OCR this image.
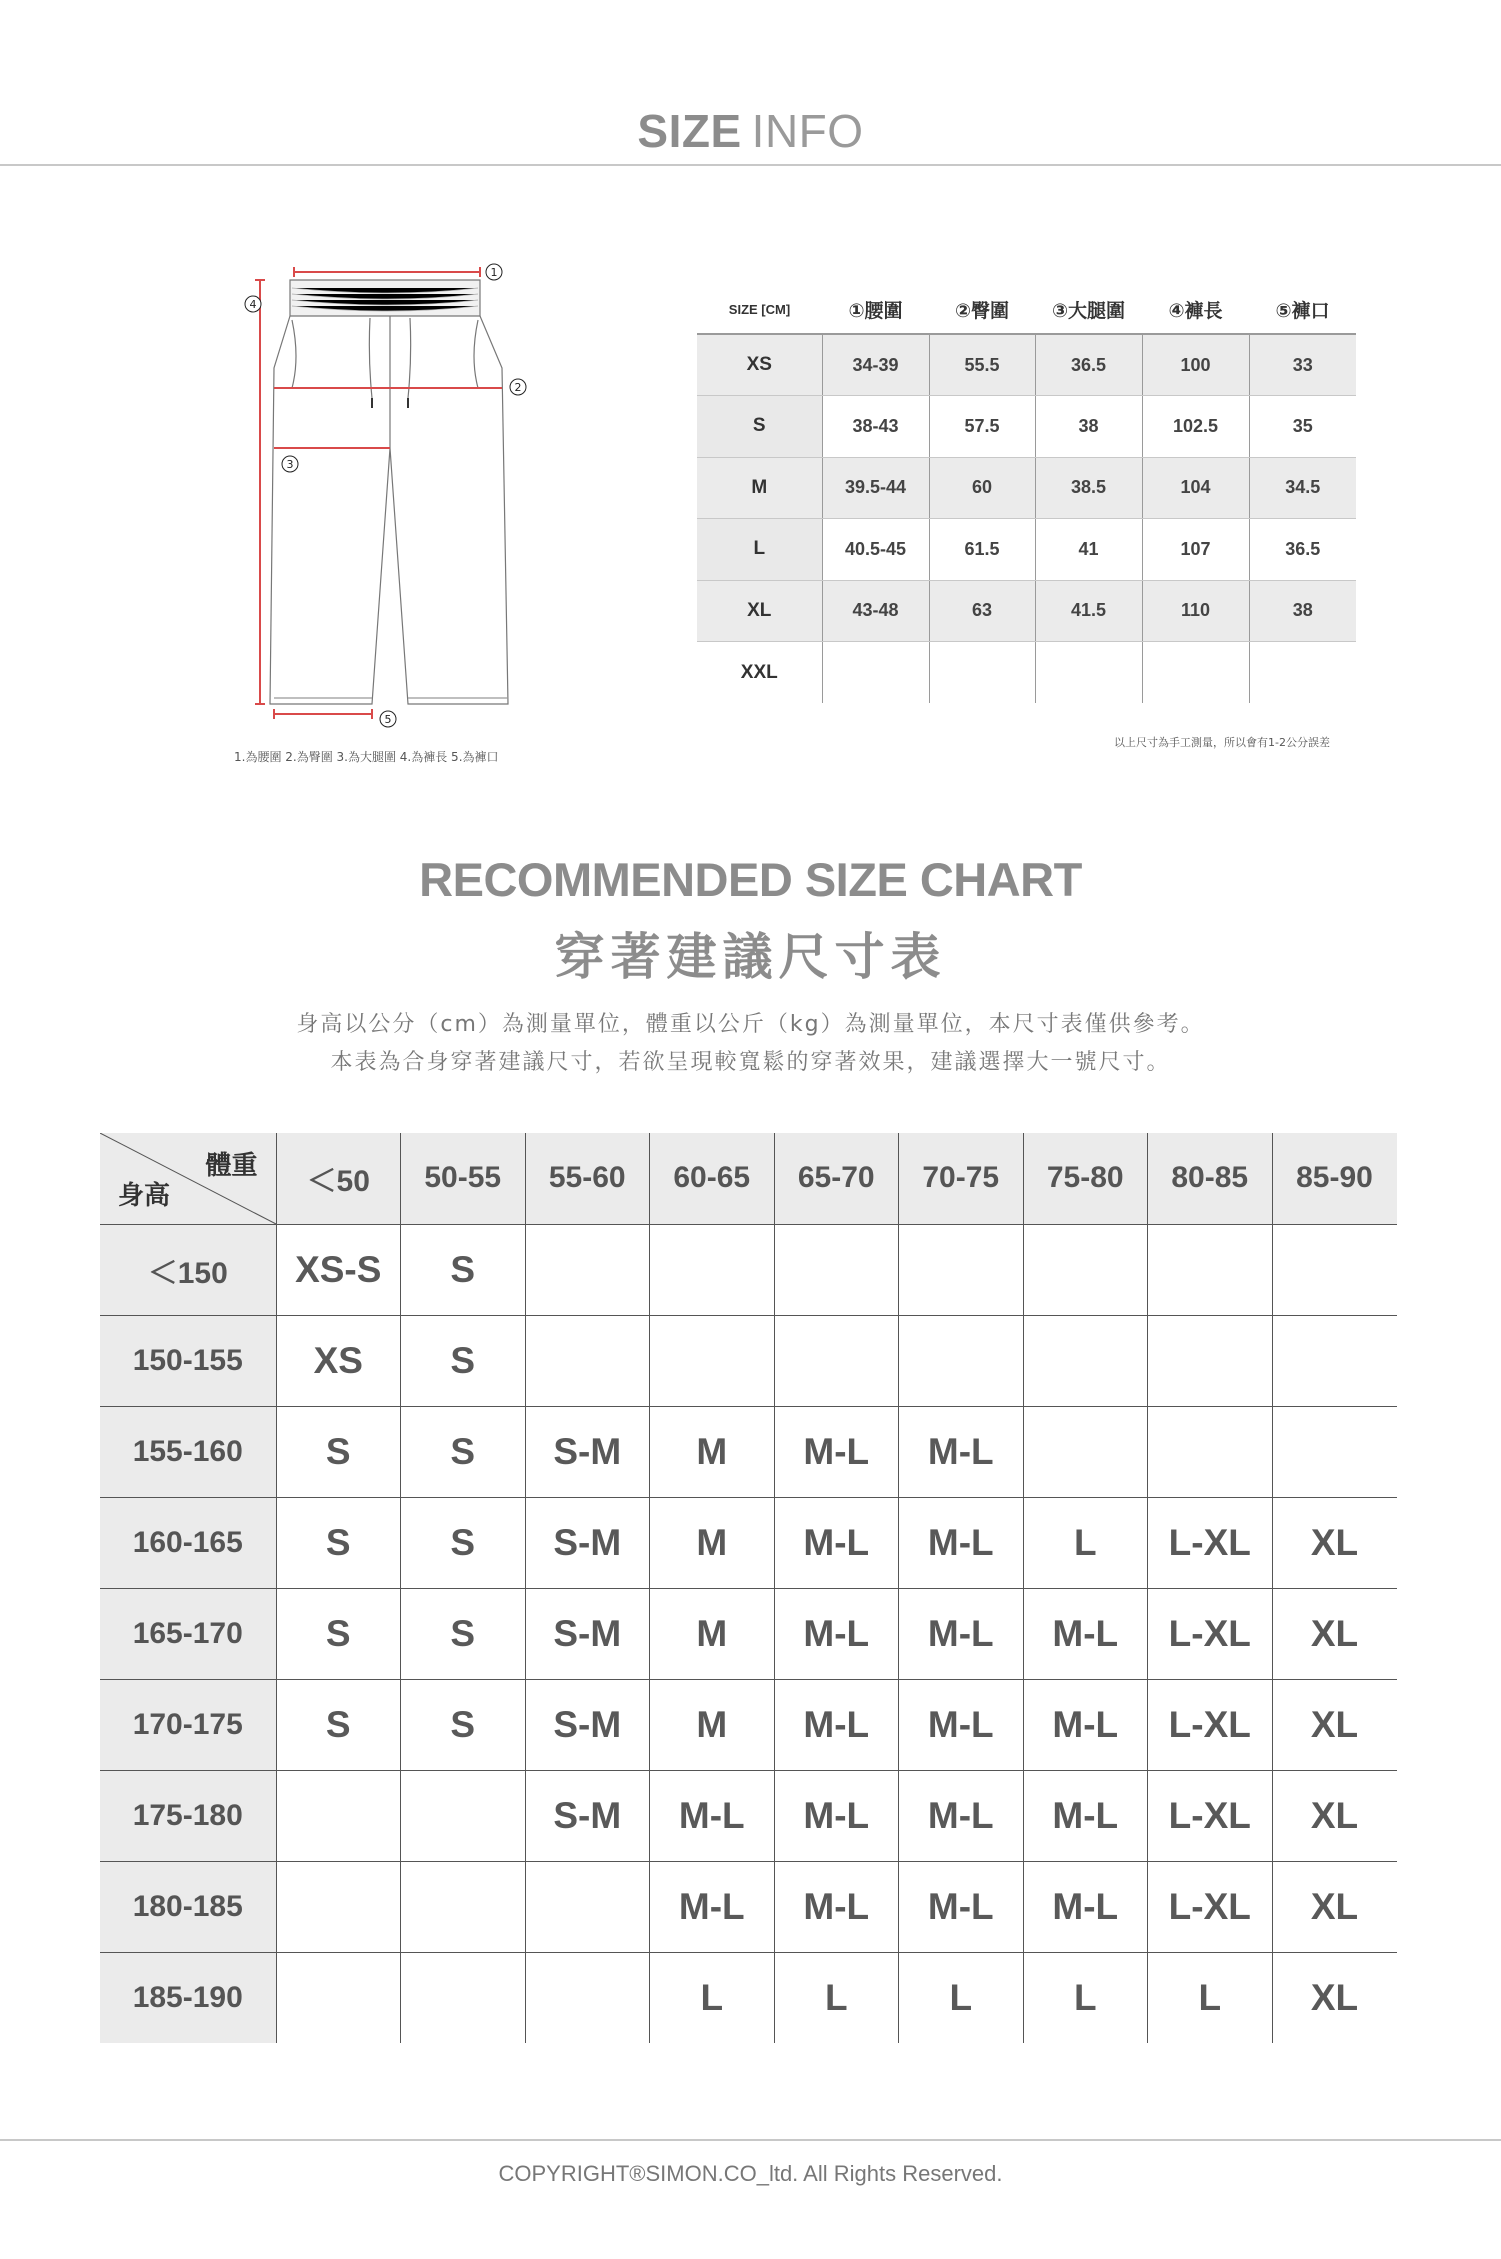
SIZE INFO
1
2
3
4
5
1.為腰圍 2.為臀圍 3.為大腿圍 4.為褲長 5.為褲口
SIZE [CM]	①腰圍	②臀圍	③大腿圍	④褲長	⑤褲口
XS	34-39	55.5	36.5	100	33
S	38-43	57.5	38	102.5	35
M	39.5-44	60	38.5	104	34.5
L	40.5-45	61.5	41	107	36.5
XL	43-48	63	41.5	110	38
XXL					
以上尺寸為手工測量，所以會有1-2公分誤差
RECOMMENDED SIZE CHART
穿著建議尺寸表
身高以公分（cm）為測量單位，體重以公斤（kg）為測量單位，本尺寸表僅供參考。
本表為合身穿著建議尺寸，若欲呈現較寬鬆的穿著效果，建議選擇大一號尺寸。
體重
身高	＜50	50-55	55-60	60-65	65-70	70-75	75-80	80-85	85-90
＜150	XS-S	S							
150-155	XS	S							
155-160	S	S	S-M	M	M-L	M-L			
160-165	S	S	S-M	M	M-L	M-L	L	L-XL	XL
165-170	S	S	S-M	M	M-L	M-L	M-L	L-XL	XL
170-175	S	S	S-M	M	M-L	M-L	M-L	L-XL	XL
175-180			S-M	M-L	M-L	M-L	M-L	L-XL	XL
180-185				M-L	M-L	M-L	M-L	L-XL	XL
185-190				L	L	L	L	L	XL
COPYRIGHT®SIMON.CO_ltd. All Rights Reserved.
